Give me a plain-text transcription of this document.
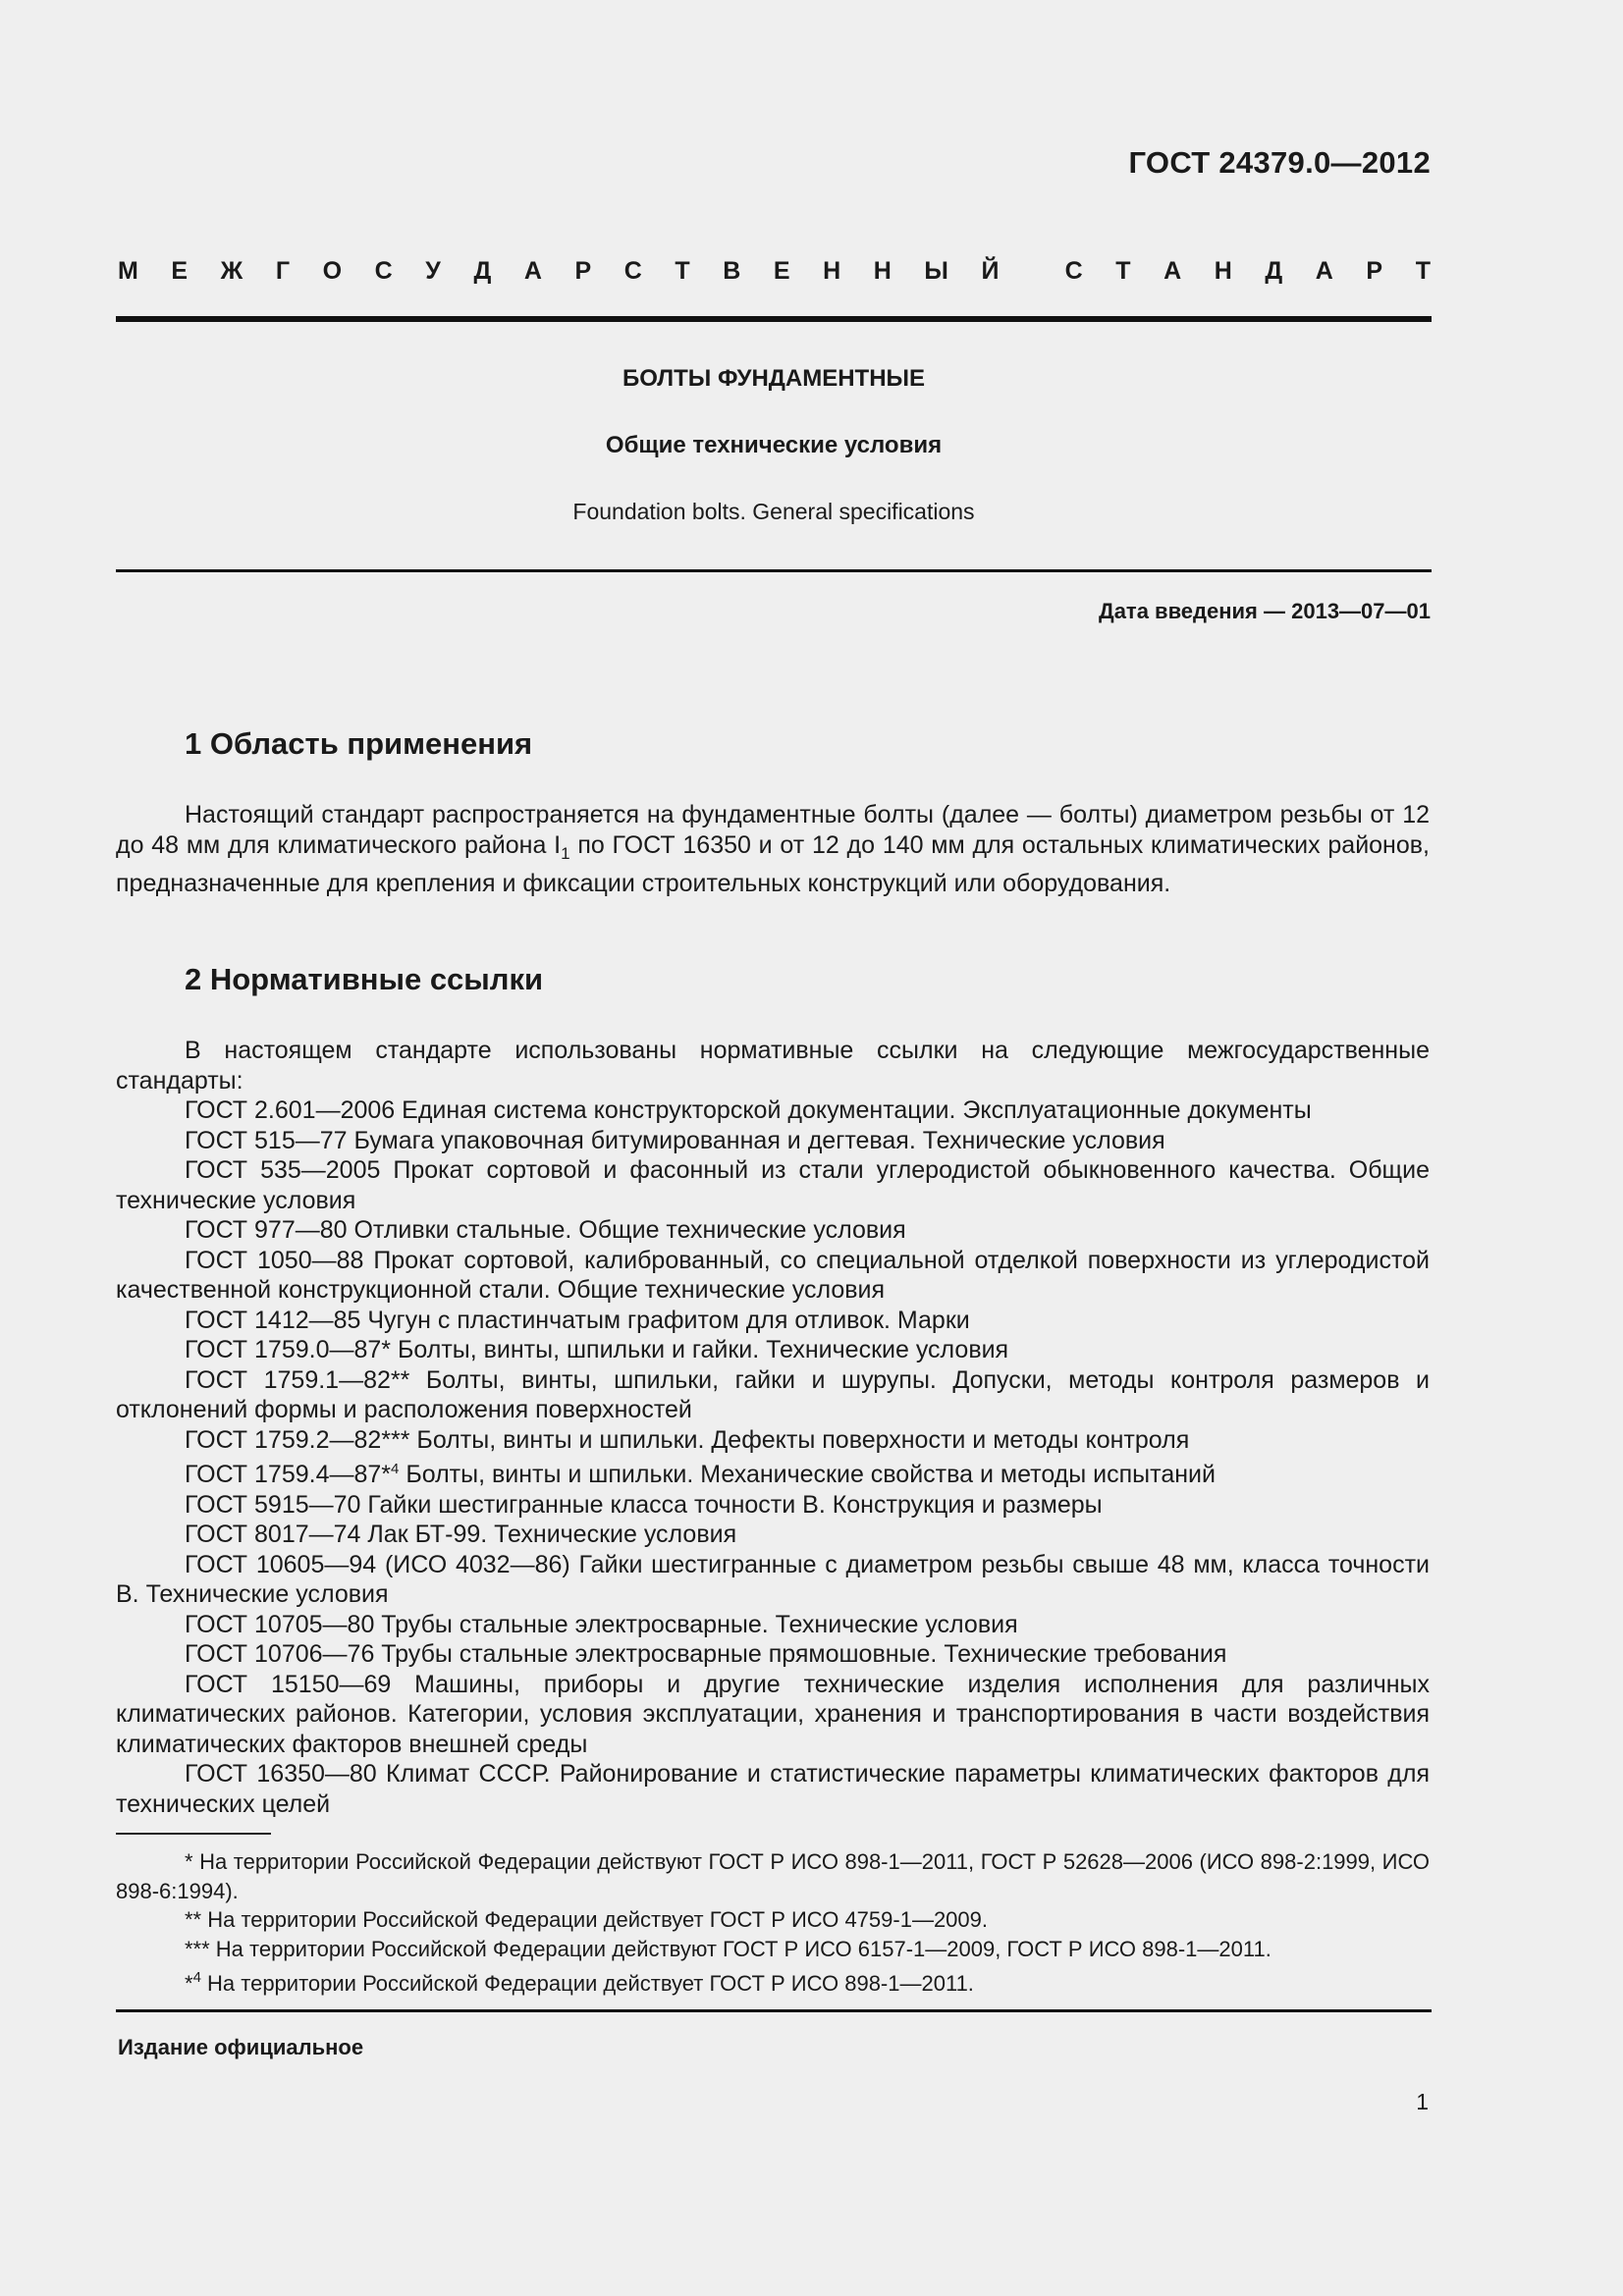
ГОСТ 24379.0—2012
М Е Ж Г О С У Д А Р С Т В Е Н Н Ы Й	С Т А Н Д А Р Т
БОЛТЫ ФУНДАМЕНТНЫЕ
Общие технические условия
Foundation bolts. General specifications
Дата введения — 2013—07—01
1 Область применения

Настоящий стандарт распространяется на фундаментные болты (далее — болты) диаметром резьбы от 12 до 48 мм для климатического района $I_1$ по ГОСТ 16350 и от 12 до 140 мм для остальных климатических районов, предназначенные для крепления и фиксации строительных конструкций или оборудования.

2 Нормативные ссылки

В настоящем стандарте использованы нормативные ссылки на следующие межгосударственные стандарты:

ГОСТ 2.601—2006 Единая система конструкторской документации. Эксплуатационные документы

ГОСТ 515—77 Бумага упаковочная битумированная и дегтевая. Технические условия

ГОСТ 535—2005 Прокат сортовой и фасонный из стали углеродистой обыкновенного качества. Общие технические условия

ГОСТ 977—80 Отливки стальные. Общие технические условия

ГОСТ 1050—88 Прокат сортовой, калиброванный, со специальной отделкой поверхности из углеродистой качественной конструкционной стали. Общие технические условия

ГОСТ 1412—85 Чугун с пластинчатым графитом для отливок. Марки

ГОСТ 1759.0—87* Болты, винты, шпильки и гайки. Технические условия

ГОСТ 1759.1—82** Болты, винты, шпильки, гайки и шурупы. Допуски, методы контроля размеров и отклонений формы и расположения поверхностей

ГОСТ 1759.2—82*** Болты, винты и шпильки. Дефекты поверхности и методы контроля

ГОСТ 1759.4—87*$^4$ Болты, винты и шпильки. Механические свойства и методы испытаний

ГОСТ 5915—70 Гайки шестигранные класса точности В. Конструкция и размеры

ГОСТ 8017—74 Лак БТ-99. Технические условия

ГОСТ 10605—94 (ИСО 4032—86) Гайки шестигранные с диаметром резьбы свыше 48 мм, класса точности В. Технические условия

ГОСТ 10705—80 Трубы стальные электросварные. Технические условия

ГОСТ 10706—76 Трубы стальные электросварные прямошовные. Технические требования

ГОСТ 15150—69 Машины, приборы и другие технические изделия исполнения для различных климатических районов. Категории, условия эксплуатации, хранения и транспортирования в части воздействия климатических факторов внешней среды

ГОСТ 16350—80 Климат СССР. Районирование и статистические параметры климатических факторов для технических целей

* На территории Российской Федерации действуют ГОСТ Р ИСО 898-1—2011, ГОСТ Р 52628—2006 (ИСО 898-2:1999, ИСО 898-6:1994).

** На территории Российской Федерации действует ГОСТ Р ИСО 4759-1—2009.

*** На территории Российской Федерации действуют ГОСТ Р ИСО 6157-1—2009, ГОСТ Р ИСО 898-1—2011.

*$^4$ На территории Российской Федерации действует ГОСТ Р ИСО 898-1—2011.

Издание официальное
1
